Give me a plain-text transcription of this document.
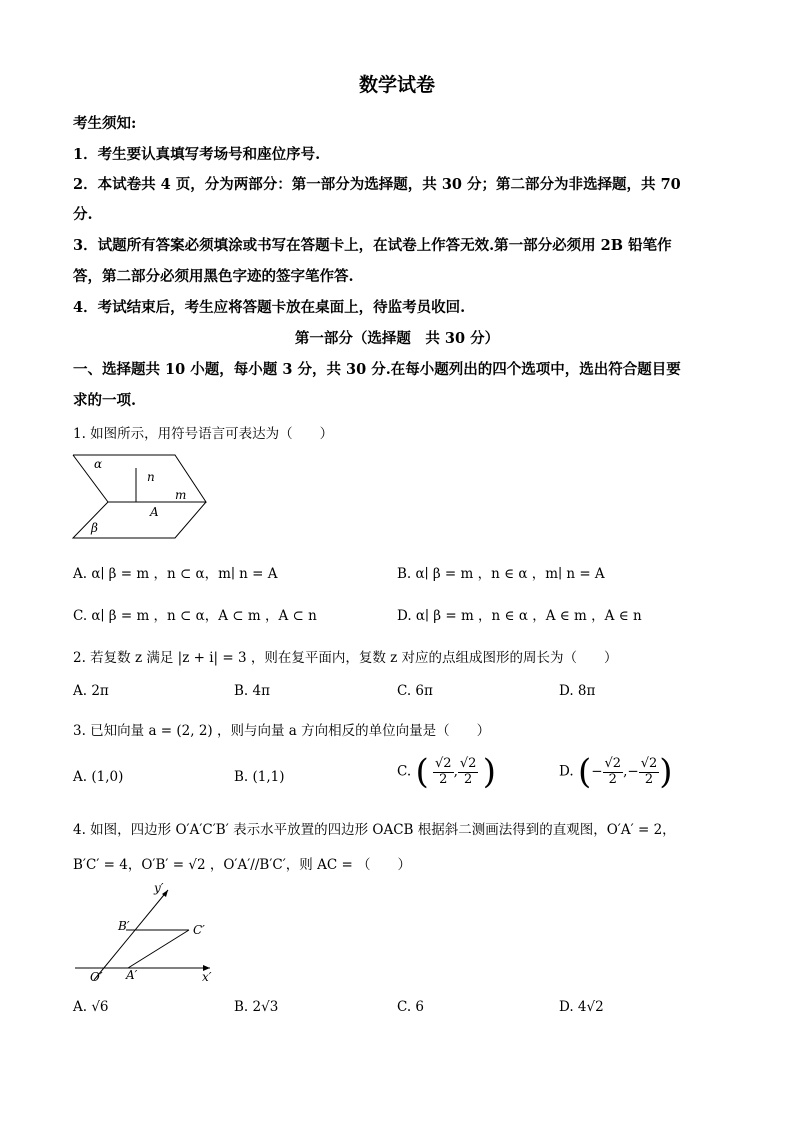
数学试卷
考生须知:
1．考生要认真填写考场号和座位序号.
2．本试卷共 4 页，分为两部分：第一部分为选择题，共 30 分；第二部分为非选择题，共 70
分.
3．试题所有答案必须填涂或书写在答题卡上，在试卷上作答无效.第一部分必须用 2B 铅笔作
答，第二部分必须用黑色字迹的签字笔作答.
4．考试结束后，考生应将答题卡放在桌面上，待监考员收回.
第一部分（选择题　共 30 分）
一、选择题共 10 小题，每小题 3 分，共 30 分.在每小题列出的四个选项中，选出符合题目要
求的一项.
1. 如图所示，用符号语言可表达为（　　）
α
n
m
A
β
A. α∣ β = m ，n ⊂ α，m∣ n = A	B. α∣ β = m ，n ∈ α ，m∣ n = A
C. α∣ β = m ，n ⊂ α，A ⊂ m ，A ⊂ n	D. α∣ β = m ，n ∈ α ，A ∈ m ，A ∈ n
2. 若复数 z 满足 |z + i| = 3 ，则在复平面内，复数 z 对应的点组成图形的周长为（　　）
A. 2π	B. 4π	C. 6π	D. 8π
3. 已知向量 a = (2, 2) ，则与向量 a 方向相反的单位向量是（　　）
A. (1,0)	B. (1,1)	C. ( $\frac{√2}{2}$ , $\frac{√2}{2}$ )	D. (− $\frac{√2}{2}$ ,− $\frac{√2}{2}$ )
4. 如图，四边形 O′A′C′B′ 表示水平放置的四边形 OACB 根据斜二测画法得到的直观图，O′A′ = 2，
B′C′ = 4，O′B′ = √2 ，O′A′//B′C′，则 AC = （　　）
y′
B′	C′
O′ A′	x′
A. √6	B. 2√3	C. 6	D. 4√2
